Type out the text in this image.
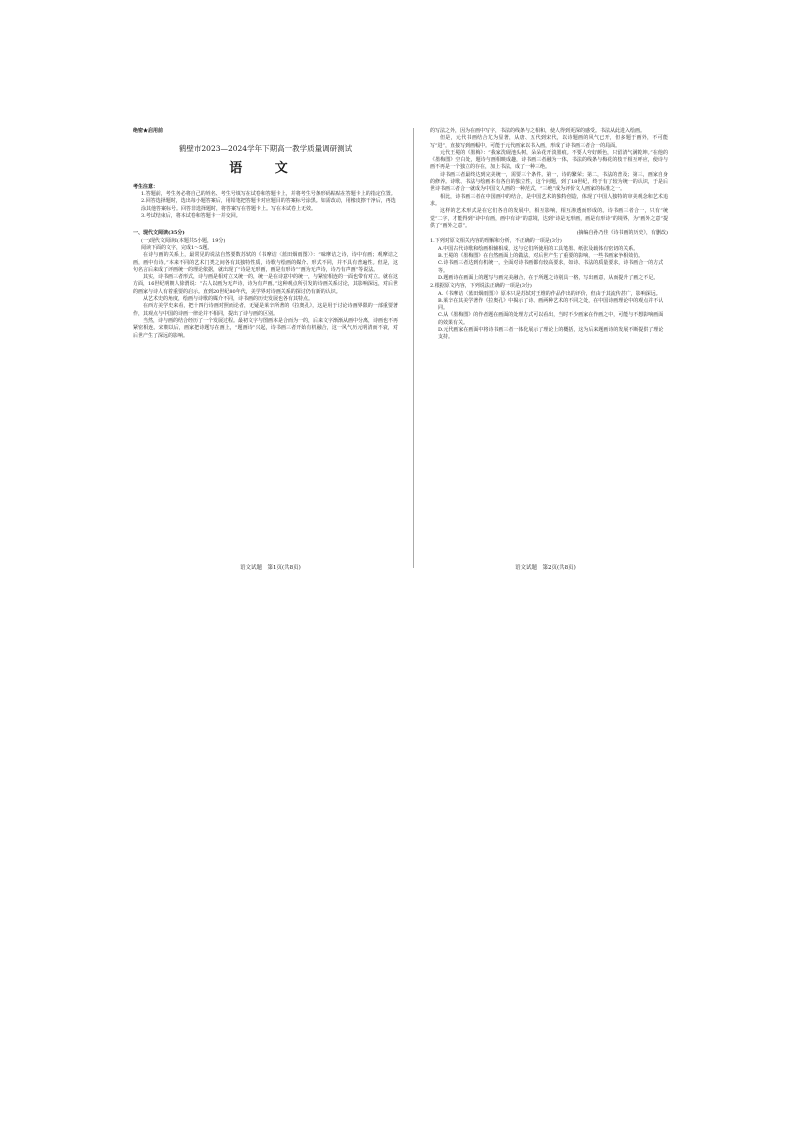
绝密★启用前
鹤壁市2023—2024学年下期高一教学质量调研测试
语 文
考生注意：
1.答题前，考生务必将自己的姓名、考生号填写在试卷和答题卡上，并将考生号条形码粘贴在答题卡上的指定位置。
2.回答选择题时，选出每小题答案后，用铅笔把答题卡对应题目的答案标号涂黑。如需改动，用橡皮擦干净后，再选涂其他答案标号。回答非选择题时，将答案写在答题卡上。写在本试卷上无效。
3.考试结束后，将本试卷和答题卡一并交回。
一、现代文阅读(35分)
(一)现代文阅读Ⅰ(本题共5小题，19分)
阅读下面的文字，完成1～5题。

在诗与画的关系上，最常见的说法自然要数苏轼的《书摩诘〈蓝田烟雨图〉》：“味摩诘之诗，诗中有画；观摩诘之画，画中有诗。”本来不同的艺术门类之间各有其独特性质，诗歌与绘画的媒介、形式不同，并不具有普遍性。但是，这句名言后来成了评画统一的理论依据，就出现了“诗是无形画，画是有形诗”“画为无声诗，诗乃有声画”等说法。

其实，诗书画三者形式，诗与画是相对立又统一的，统一是在诗意中的统一，与紧密相连的一面也带有对立。就在这方面，16世纪明朝人徐渭说：“古人以画为无声诗，诗为有声画。”这种观点所引发的诗画关系讨论，其影响深远，对后世的画家与诗人有着重要的启示。直到20世纪80年代，美学界对诗画关系的探讨仍有新的认识。

从艺术史的角度，绘画与诗歌的媒介不同，诗书画的历史发展也各有其特点。

在西方美学史来看，把十四行诗画对照而论者，无疑是莱辛所著的《拉奥孔》，这是用于讨论诗画界限的一部重要著作，其观点与中国的诗画一律论并不相同，提出了诗与画的区别。

当然，诗与画的结合经历了一个发展过程。最初文字与图画本是合而为一的，后来文字渐渐从画中分离，诗画也不再紧密相连。宋朝以后，画家把诗题写在画上，“题画诗”兴起，诗书画三者开始有机融合，这一风气历元明清而不衰，对后世产生了深远的影响。

的写法之外，因为在画中写字，书法的线条与之相和，使人得到更深的感受。书法从此进入绘画。

但是，元代书画结合尤为显著，从唐、五代到宋代，以诗题画的风气已开，但多题于画外，不可能写“进”，直接写到画幅中。可能于元代画家以书入画，形成了诗书画三者合一的局面。

元代王冕的《墨梅》：“我家洗砚池头树，朵朵花开淡墨痕。不要人夸好颜色，只留清气满乾坤。”在他的《墨梅图》空白处，题诗与画相映成趣，诗书画三者融为一体，书法的线条与梅花的枝干相互呼应，使诗与画不再是一个独立的存在，加上书法，成了一种三绝。

诗书画三者最终达到完美统一，需要三个条件。第一，诗的繁荣；第二，书法的普及；第三，画家自身的修养。诗歌、书法与绘画本有各自的独立性，这个问题，到了18世纪，终于有了较为统一的认识，于是后世诗书画三者合一就成为中国文人画的一种范式，“三绝”成为评价文人画家的标准之一。

相比，诗书画三者在中国画中的结合，是中国艺术的独特创造，体现了中国人独特的审美观念和艺术追求。

这样的艺术形式是在它们各自的发展中，相互影响，相互渗透而形成的。诗书画三者合一，只有“统觉”二字，才能得到“诗中有画，画中有诗”的意境，达到“诗是无形画，画是有形诗”的境界，为“画外之意”提供了“画外之意”。

(摘编自孙乃佳《诗书画的历史》，有删改)
1.下列对原文相关内容的理解和分析，不正确的一项是(3分)
A.中国古代诗歌和绘画相辅相成，这与它们所使用的工具笔墨、纸张及载体有密切的关系。
B.王冕的《墨梅图》在自然画面上的做法，对后世产生了重要的影响，一些书画家争相效仿。
C.诗书画三者达到有机统一，全面对诗书画都有较高要求，如诗、书法的质量要求，诗书画合一的方式等。
D.题画诗在画面上的题写与画完美融合，在于所题之诗别具一格，写出画意，从而提升了画之不足。
2.根据原文内容，下列说法正确的一项是(3分)
A.《书摩诘〈蓝田烟雨图〉》原本只是苏轼对王维的作品作出的评价，但由于其流传甚广，影响深远。
B.莱辛在其美学著作《拉奥孔》中揭示了诗、画两种艺术的不同之处，在中国诗画理论中的观点并不认同。
C.从《墨梅图》的作者题在画面的处理方式可以看出，当时不少画家在作画之中，可能与不想影响画面的效果有关。
D.元代画家在画面中将诗书画三者一体化展示了理论上的概括，这为后来题画诗的发展不断提供了理论支持。
语文试题　第1页(共8页)	语文试题　第2页(共8页)
